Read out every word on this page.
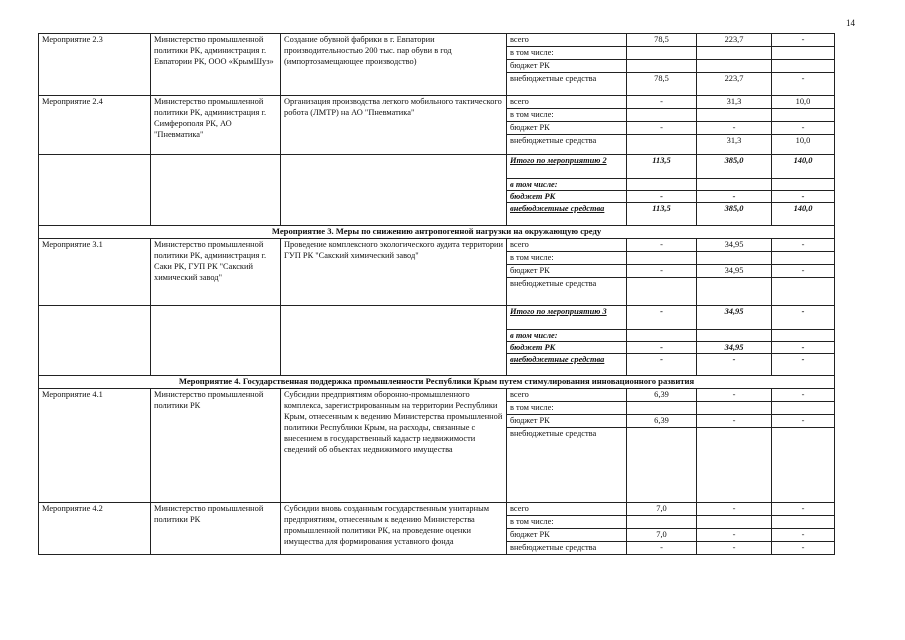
14
Мероприятие 2.3	Министерство промышленной политики РК, администрация г. Евпатории РК, ООО «КрымШуз»	Создание обувной фабрики в г. Евпатории производительностью 200 тыс. пар обуви в год (импортозамещающее производство)	всего	78,5	223,7	-
			в том числе:			
			бюджет РК			
			внебюджетные средства	78,5	223,7	-
Мероприятие 2.4	Министерство промышленной политики РК, администрация г. Симферополя РК, АО "Пневматика"	Организация производства легкого мобильного тактического робота (ЛМТР) на АО "Пневматика"	всего	-	31,3	10,0
			в том числе:			
			бюджет РК	-	-	-
			внебюджетные средства		31,3	10,0
			Итого по мероприятию 2	113,5	385,0	140,0
			в том числе:			
			бюджет РК	-	-	-
			внебюджетные средства	113,5	385,0	140,0
Мероприятие 3. Меры по снижению антропогенной нагрузки на окружающую среду						
Мероприятие 3.1	Министерство промышленной политики РК, администрация г. Саки РК, ГУП РК "Сакский химический завод"	Проведение комплексного экологического аудита территории ГУП РК "Сакский химический завод"	всего	-	34,95	-
			в том числе:			
			бюджет РК	-	34,95	-
			внебюджетные средства			
			Итого по мероприятию 3	-	34,95	-
			в том числе:			
			бюджет РК	-	34,95	-
			внебюджетные средства	-	-	-
Мероприятие 4. Государственная поддержка промышленности Республики Крым путем стимулирования инновационного развития						
Мероприятие 4.1	Министерство промышленной политики РК	Субсидии предприятиям оборонно-промышленного комплекса, зарегистрированным на территории Республики Крым, отнесенным к ведению Министерства промышленной политики Республики Крым, на расходы, связанные с внесением в государственный кадастр недвижимости сведений об объектах недвижимого имущества	всего	6,39	-	-
			в том числе:			
			бюджет РК	6,39	-	-
			внебюджетные средства			
Мероприятие 4.2	Министерство промышленной политики РК	Субсидии вновь созданным государственным унитарным предприятиям, отнесенным к ведению Министерства промышленной политики РК, на проведение оценки имущества для формирования уставного фонда	всего	7,0	-	-
			в том числе:			
			бюджет РК	7,0	-	-
			внебюджетные средства	-	-	-
